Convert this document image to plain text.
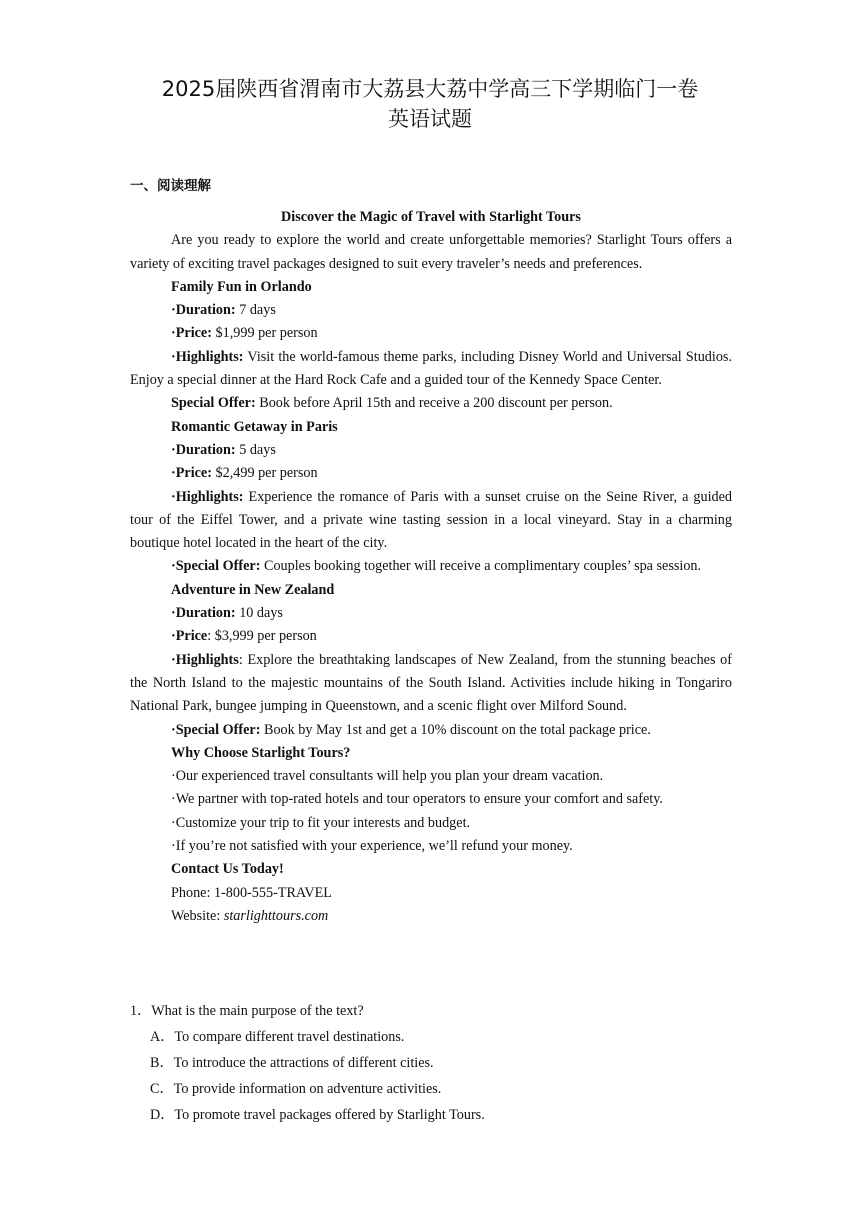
2025届陕西省渭南市大荔县大荔中学高三下学期临门一卷
英语试题
一、阅读理解

Discover the Magic of Travel with Starlight Tours

Are you ready to explore the world and create unforgettable memories? Starlight Tours offers a variety of exciting travel packages designed to suit every traveler’s needs and preferences.

Family Fun in Orlando

·Duration: 7 days

·Price: $1,999 per person

·Highlights: Visit the world-famous theme parks, including Disney World and Universal Studios. Enjoy a special dinner at the Hard Rock Cafe and a guided tour of the Kennedy Space Center.

Special Offer: Book before April 15th and receive a 200 discount per person.

Romantic Getaway in Paris

·Duration: 5 days

·Price: $2,499 per person

·Highlights: Experience the romance of Paris with a sunset cruise on the Seine River, a guided tour of the Eiffel Tower, and a private wine tasting session in a local vineyard. Stay in a charming boutique hotel located in the heart of the city.

·Special Offer: Couples booking together will receive a complimentary couples’ spa session.

Adventure in New Zealand

·Duration: 10 days

·Price: $3,999 per person

·Highlights: Explore the breathtaking landscapes of New Zealand, from the stunning beaches of the North Island to the majestic mountains of the South Island. Activities include hiking in Tongariro National Park, bungee jumping in Queenstown, and a scenic flight over Milford Sound.

·Special Offer: Book by May 1st and get a 10% discount on the total package price.

Why Choose Starlight Tours?

·Our experienced travel consultants will help you plan your dream vacation.

·We partner with top-rated hotels and tour operators to ensure your comfort and safety.

·Customize your trip to fit your interests and budget.

·If you’re not satisfied with your experience, we’ll refund your money.

Contact Us Today!

Phone: 1-800-555-TRAVEL

Website: starlighttours.com

1．What is the main purpose of the text?

A．To compare different travel destinations.

B．To introduce the attractions of different cities.

C．To provide information on adventure activities.

D．To promote travel packages offered by Starlight Tours.
